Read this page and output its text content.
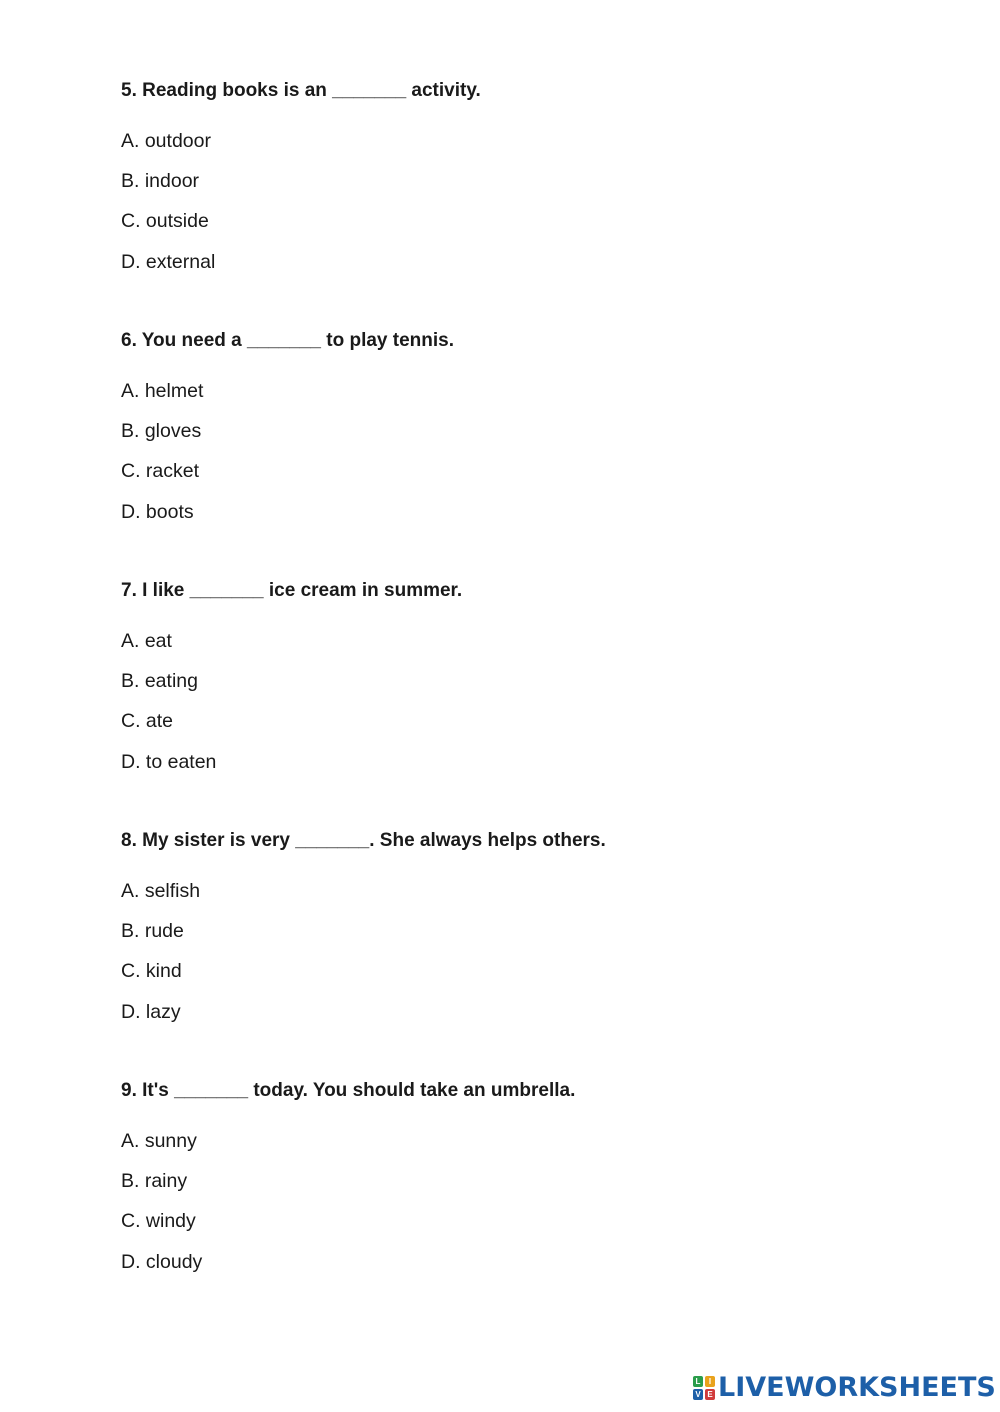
5. Reading books is an _______ activity.

A. outdoor
B. indoor
C. outside
D. external

6. You need a _______ to play tennis.

A. helmet
B. gloves
C. racket
D. boots

7. I like _______ ice cream in summer.

A. eat
B. eating
C. ate
D. to eaten

8. My sister is very _______. She always helps others.

A. selfish
B. rude
C. kind
D. lazy

9. It's _______ today. You should take an umbrella.

A. sunny
B. rainy
C. windy
D. cloudy
L	I
V E LIVEWORKSHEETS
